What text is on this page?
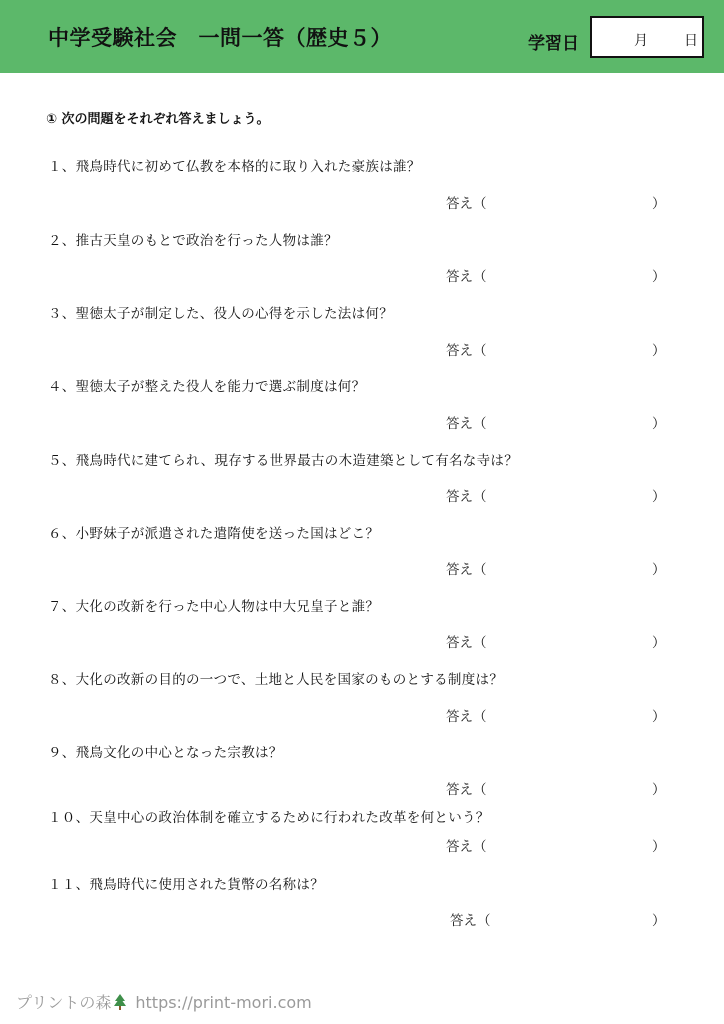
中学受験社会　一問一答（歴史５）	学習日	月	日
① 次の問題をそれぞれ答えましょう。
１、飛鳥時代に初めて仏教を本格的に取り入れた豪族は誰？
答え（	）
２、推古天皇のもとで政治を行った人物は誰？
答え（	）
３、聖徳太子が制定した、役人の心得を示した法は何？
答え（	）
４、聖徳太子が整えた役人を能力で選ぶ制度は何？
答え（	）
５、飛鳥時代に建てられ、現存する世界最古の木造建築として有名な寺は？
答え（	）
６、小野妹子が派遣された遣隋使を送った国はどこ？
答え（	）
７、大化の改新を行った中心人物は中大兄皇子と誰？
答え（	）
８、大化の改新の目的の一つで、土地と人民を国家のものとする制度は？
答え（	）
９、飛鳥文化の中心となった宗教は？
答え（	）
１０、天皇中心の政治体制を確立するために行われた改革を何という？
答え（	）
１１、飛鳥時代に使用された貨幣の名称は？
答え（	）
プリントの森 https://print-mori.com
